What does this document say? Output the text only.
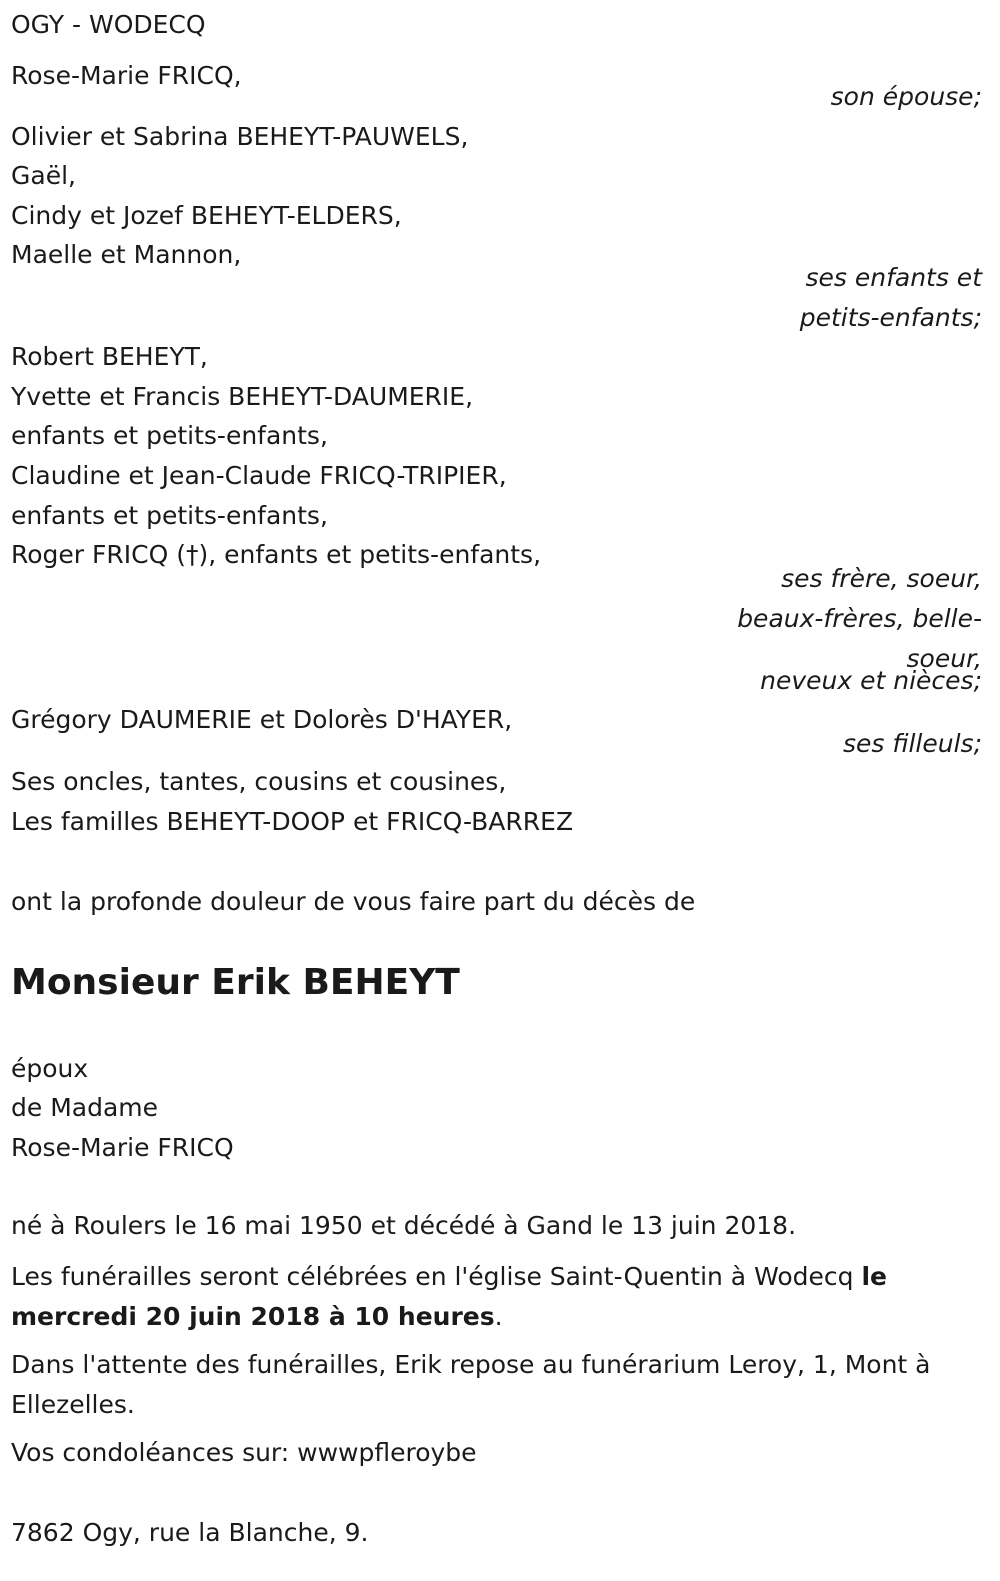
OGY - WODECQ
Rose-Marie FRICQ,
son épouse;
Olivier et Sabrina BEHEYT-PAUWELS,
Gaël,
Cindy et Jozef BEHEYT-ELDERS,
Maelle et Mannon,
ses enfants et
petits-enfants;
Robert BEHEYT,
Yvette et Francis BEHEYT-DAUMERIE,
enfants et petits-enfants,
Claudine et Jean-Claude FRICQ-TRIPIER,
enfants et petits-enfants,
Roger FRICQ (†), enfants et petits-enfants,
ses frère, soeur,
beaux-frères, belle-
soeur,
neveux et nièces;
Grégory DAUMERIE et Dolorès D'HAYER,
ses filleuls;
Ses oncles, tantes, cousins et cousines,
Les familles BEHEYT-DOOP et FRICQ-BARREZ
ont la profonde douleur de vous faire part du décès de
Monsieur Erik BEHEYT
époux
de Madame
Rose-Marie FRICQ
né à Roulers le 16 mai 1950 et décédé à Gand le 13 juin 2018.
Les funérailles seront célébrées en l'église Saint-Quentin à Wodecq le mercredi 20 juin 2018 à 10 heures.
Dans l'attente des funérailles, Erik repose au funérarium Leroy, 1, Mont à Ellezelles.
Vos condoléances sur: wwwpfleroybe
7862 Ogy, rue la Blanche, 9.
